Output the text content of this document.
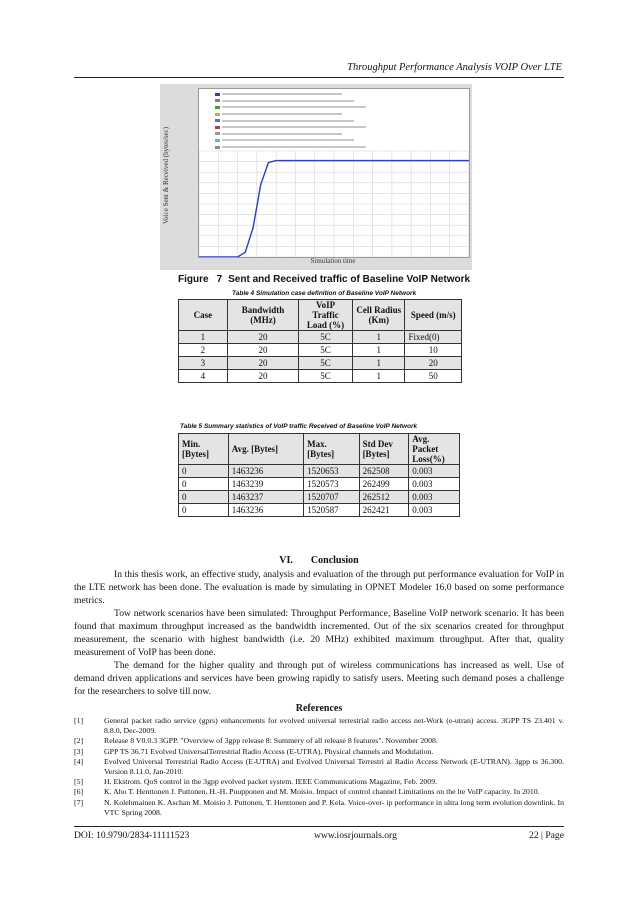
Throughput Performance Analysis VOIP Over LTE
Voice Sent & Received (bytes/sec)
Simulation time
Figure 7 Sent and Received traffic of Baseline VoIP Network
Table 4 Simulation case definition of Baseline VoIP Network
Case	Bandwidth (MHz)	VoIP Traffic Load (%)	Cell Radius (Km)	Speed (m/s)
1	20	5C	1	Fixed(0)
2	20	5C	1	10
3	20	5C	1	20
4	20	5C	1	50
Table 5 Summary statistics of VoIP traffic Received of Baseline VoIP Network
Min. [Bytes]	Avg. [Bytes]	Max. [Bytes]	Std Dev [Bytes]	Avg. Packet Loss(%)
0	1463236	1520653	262508	0.003
0	1463239	1520573	262499	0.003
0	1463237	1520707	262512	0.003
0	1463236	1520587	262421	0.003
VI. Conclusion

In this thesis work, an effective study, analysis and evaluation of the through put performance evaluation for VoIP in the LTE network has been done. The evaluation is made by simulating in OPNET Modeler 16.0 based on some performance metrics.

Tow network scenarios have been simulated: Throughput Performance, Baseline VoIP network scenario. It has been found that maximum throughput increased as the bandwidth incremented. Out of the six scenarios created for throughput measurement, the scenario with highest bandwidth (i.e. 20 MHz) exhibited maximum throughput. After that, quality measurement of VoIP has been done.

The demand for the higher quality and through put of wireless communications has increased as well. Use of demand driven applications and services have been growing rapidly to satisfy users. Meeting such demand poses a challenge for the researchers to solve till now.

References
[1]	General packet radio service (gprs) enhancements for evolved universal terrestrial radio access net-Work (e-utran) access. 3GPP TS 23.401 v. 8.8.0, Dec-2009.
[2]	Release 8 V0.0.3 3GPP. "Overview of 3gpp release 8: Summery of all release 8 features". November 2008.
[3]	GPP TS 36.71 Evolved UniversalTerrestrial Radio Access (E-UTRA). Physical channels and Modulation.
[4]	Evolved Universal Terrestrial Radio Access (E-UTRA) and Evolved Universal Terrestri al Radio Access Network (E-UTRAN). 3gpp ts 36.300. Version 8.11.0, Jan-2010.
[5]	H. Ekstrom. QoS control in the 3gpp evolved packet system. IEEE Communications Magazine, Feb. 2009.
[6]	K. Aho T. Henttonen J. Puttonen, H.-H. Puupponen and M. Moisio. Impact of control channel Limitations on the lte VoIP capacity. In 2010.
[7]	N. Kolehmainen K. Aschan M. Moisio J. Puttonen, T. Henttonen and P. Kela. Voice-over- ip performance in ultra long term evolution downlink. In VTC Spring 2008.
DOI: 10.9790/2834-11111523	www.iosrjournals.org	22 | Page
